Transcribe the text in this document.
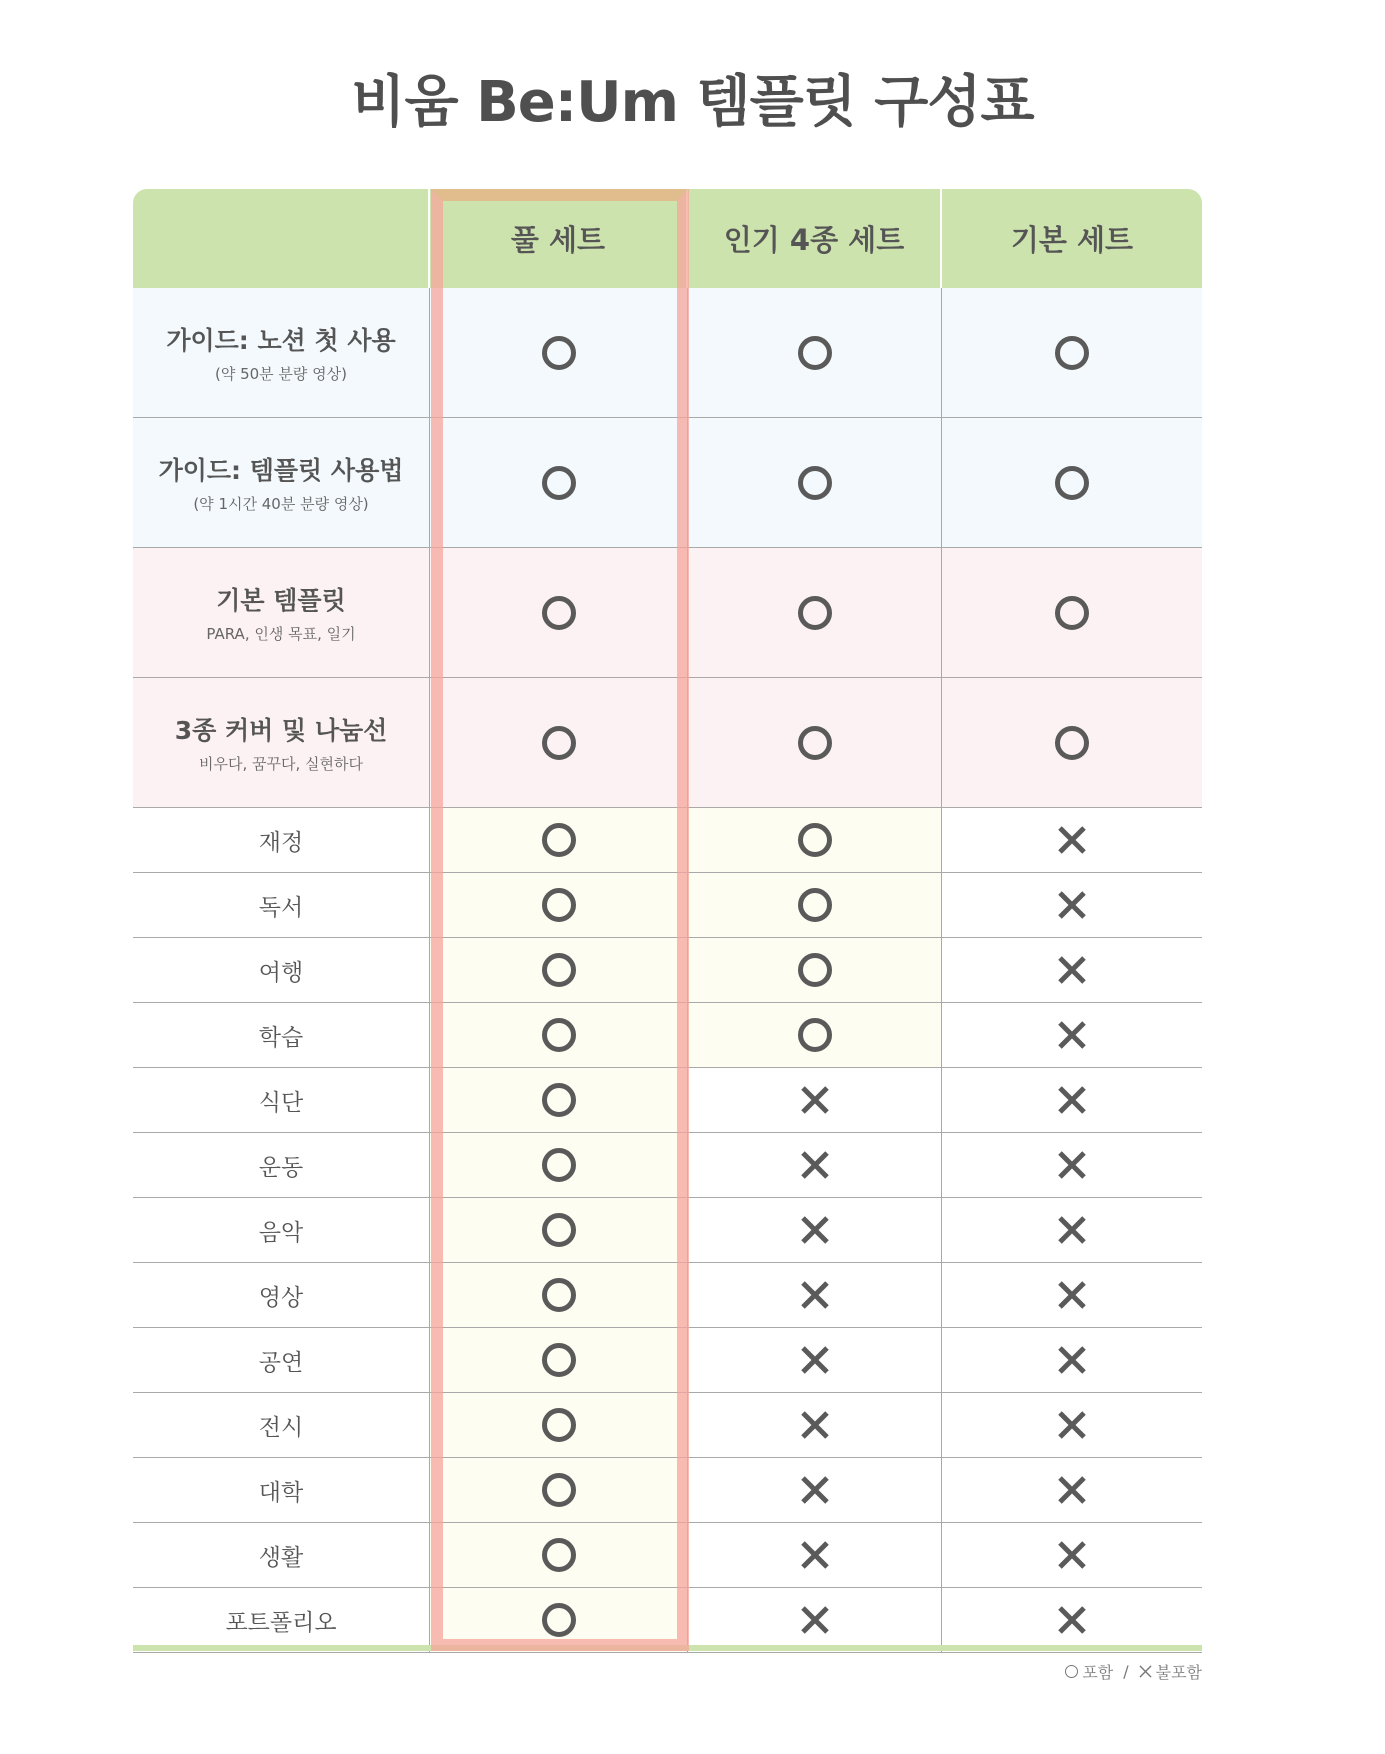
비움 Be:Um 템플릿 구성표
풀 세트	인기 4종 세트	기본 세트
가이드: 노션 첫 사용
(약 50분 분량 영상)
가이드: 템플릿 사용법
(약 1시간 40분 분량 영상)
기본 템플릿
PARA, 인생 목표, 일기
3종 커버 및 나눔선
비우다, 꿈꾸다, 실현하다
재정
독서
여행
학습
식단
운동
음악
영상
공연
전시
대학
생활
포트폴리오
포함 / 불포함
